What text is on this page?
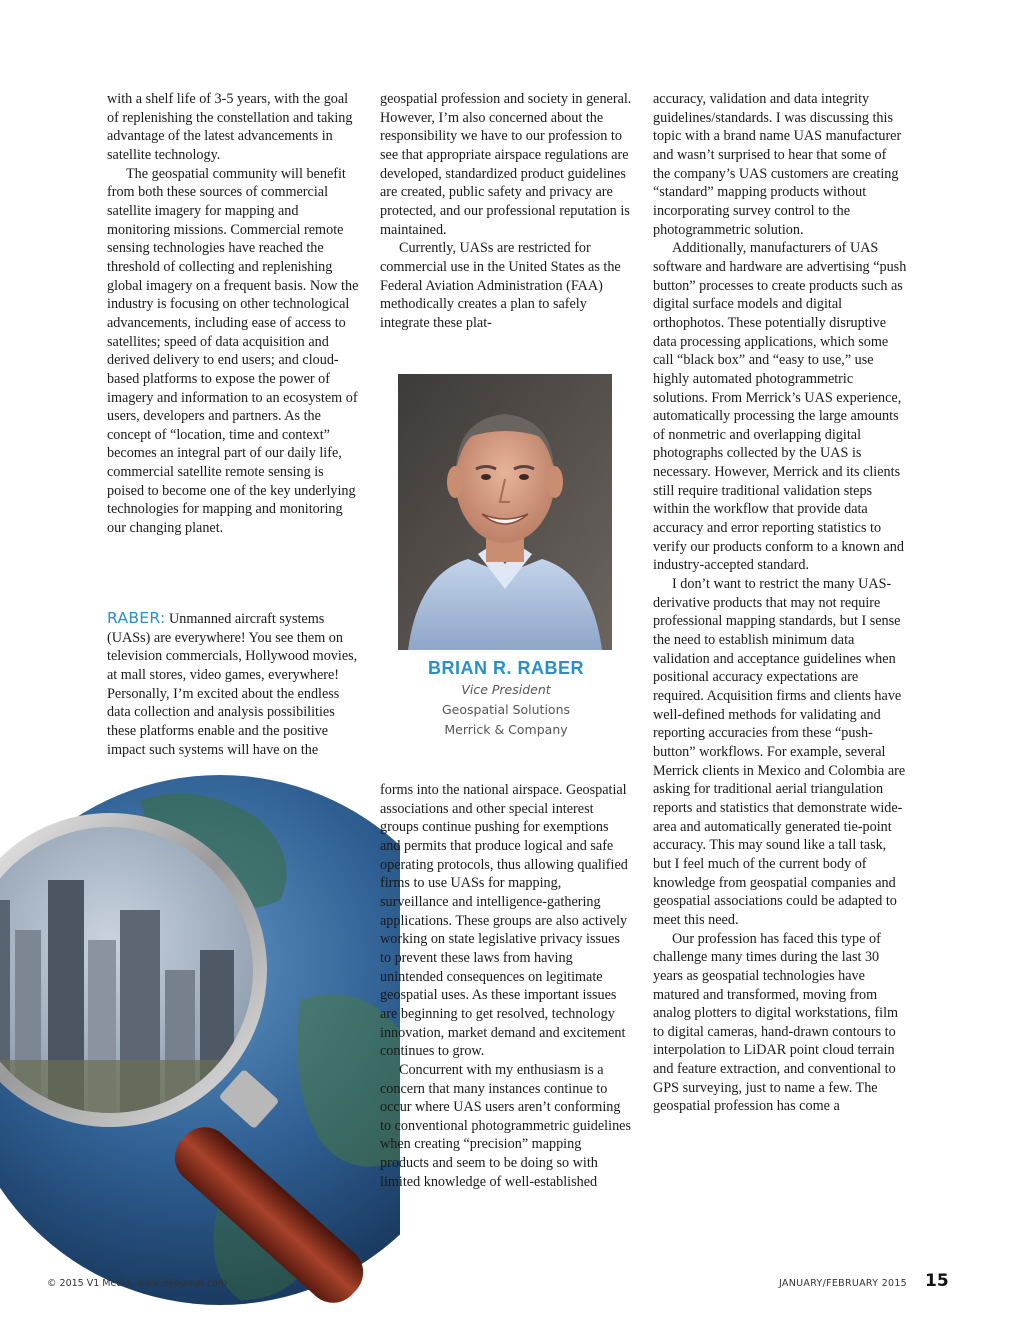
with a shelf life of 3-5 years, with the goal of replenishing the constellation and taking advantage of the latest advancements in satellite technology.

The geospatial community will benefit from both these sources of commercial satellite imagery for mapping and monitoring missions. Commercial remote sensing technologies have reached the threshold of collecting and replenishing global imagery on a frequent basis. Now the industry is focusing on other technological advancements, including ease of access to satellites; speed of data acquisition and derived delivery to end users; and cloud-based platforms to expose the power of imagery and information to an ecosystem of users, developers and partners. As the concept of “location, time and context” becomes an integral part of our daily life, commercial satellite remote sensing is poised to become one of the key underlying technologies for mapping and monitoring our changing planet.

RABER: Unmanned aircraft systems (UASs) are everywhere! You see them on television commercials, Hollywood movies, at mall stores, video games, everywhere! Personally, I’m excited about the endless data collection and analysis possibilities these platforms enable and the positive impact such systems will have on the

geospatial profession and society in general. However, I’m also concerned about the responsibility we have to our profession to see that appropriate airspace regulations are developed, standardized product guidelines are created, public safety and privacy are protected, and our professional reputation is maintained.

Currently, UASs are restricted for commercial use in the United States as the Federal Aviation Administration (FAA) methodically creates a plan to safely integrate these plat-

BRIAN R. RABER
Vice President
Geospatial Solutions
Merrick & Company

forms into the national airspace. Geospatial associations and other special interest groups continue pushing for exemptions and permits that produce logical and safe operating protocols, thus allowing qualified firms to use UASs for mapping, surveillance and intelligence-gathering applications. These groups are also actively working on state legislative privacy issues to prevent these laws from having unintended consequences on legitimate geospatial uses. As these important issues are beginning to get resolved, technology innovation, market demand and excitement continues to grow.

Concurrent with my enthusiasm is a concern that many instances continue to occur where UAS users aren’t conforming to conventional photogrammetric guidelines when creating “precision” mapping products and seem to be doing so with limited knowledge of well-established

accuracy, validation and data integrity guidelines/standards. I was discussing this topic with a brand name UAS manufacturer and wasn’t surprised to hear that some of the company’s UAS customers are creating “standard” mapping products without incorporating survey control to the photogrammetric solution.

Additionally, manufacturers of UAS software and hardware are advertising “push button” processes to create products such as digital surface models and digital orthophotos. These potentially disruptive data processing applications, which some call “black box” and “easy to use,” use highly automated photogrammetric solutions. From Merrick’s UAS experience, automatically processing the large amounts of nonmetric and overlapping digital photographs collected by the UAS is necessary. However, Merrick and its clients still require traditional validation steps within the workflow that provide data accuracy and error reporting statistics to verify our products conform to a known and industry-accepted standard.

I don’t want to restrict the many UAS-derivative products that may not require professional mapping standards, but I sense the need to establish minimum data validation and acceptance guidelines when positional accuracy expectations are required. Acquisition firms and clients have well-defined methods for validating and reporting accuracies from these “push-button” workflows. For example, several Merrick clients in Mexico and Colombia are asking for traditional aerial triangulation reports and statistics that demonstrate wide-area and automatically generated tie-point accuracy. This may sound like a tall task, but I feel much of the current body of knowledge from geospatial companies and geospatial associations could be adapted to meet this need.

Our profession has faced this type of challenge many times during the last 30 years as geospatial technologies have matured and transformed, moving from analog plotters to digital workstations, film to digital cameras, hand-drawn contours to interpolation to LiDAR point cloud terrain and feature extraction, and conventional to GPS surveying, just to name a few. The geospatial profession has come a

© 2015 V1 Media, www.eijournal.com	JANUARY/FEBRUARY 2015 15
